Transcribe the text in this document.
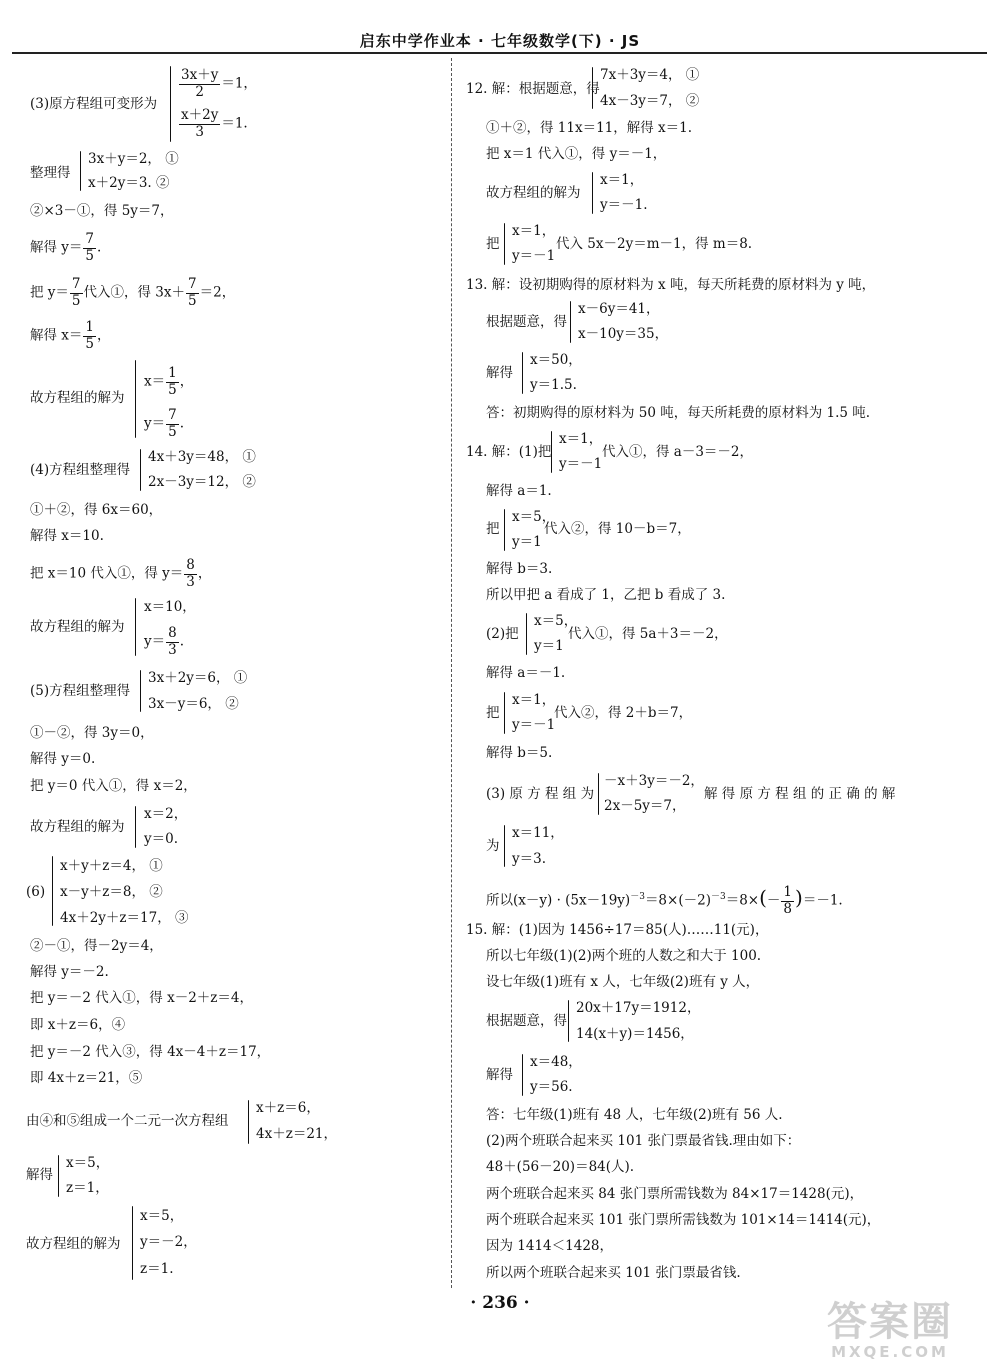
启东中学作业本 · 七年级数学(下) · JS
(3)原方程组可变形为
$\frac{3x+y}{2} =1$，
$\frac{x+2y}{3} =1$.
整理得
3x＋y＝2， ①
x＋2y＝3. ②
②×3－①，得 5y＝7，
解得 $y= \frac{7}{5}$ .
把 $y= \frac{7}{5}$ 代入①，得 $3x+ \frac{7}{5} =2$，
解得 $x= \frac{1}{5}$ ，
故方程组的解为
$x= \frac{1}{5}$ ，
$y= \frac{7}{5}$ .
(4)方程组整理得
4x＋3y＝48， ①
2x－3y＝12， ②
①＋②，得 6x＝60，
解得 x＝10.
把 x＝10 代入①，得 $y= \frac{8}{3}$ ，
故方程组的解为
x＝10，
$y= \frac{8}{3}$ .
(5)方程组整理得
3x＋2y＝6， ①
3x－y＝6， ②
①－②，得 3y＝0，
解得 y＝0.
把 y＝0 代入①，得 x＝2，
故方程组的解为
x＝2，
y＝0.
(6)
x＋y＋z＝4， ①
x－y＋z＝8， ②
4x＋2y＋z＝17， ③
②－①，得－2y＝4，
解得 y＝－2.
把 y＝－2 代入①，得 x－2＋z＝4，
即 x＋z＝6，④
把 y＝－2 代入③，得 4x－4＋z＝17，
即 4x＋z＝21，⑤
由④和⑤组成一个二元一次方程组
x＋z＝6，
4x＋z＝21，
解得
x＝5，
z＝1，
故方程组的解为
x＝5，
y＝－2，
z＝1.
12. 解：根据题意，得
7x＋3y＝4， ①
4x－3y＝7， ②
①＋②，得 11x＝11，解得 x＝1.
把 x＝1 代入①，得 y＝－1，
故方程组的解为
x＝1，
y＝－1.
把
x＝1，
y＝－1
代入 5x－2y＝m－1，得 m＝8.
13. 解：设初期购得的原材料为 x 吨，每天所耗费的原材料为 y 吨，
根据题意，得
x－6y＝41，
x－10y＝35，
解得
x＝50，
y＝1.5.
答：初期购得的原材料为 50 吨，每天所耗费的原材料为 1.5 吨.
14. 解：(1)把
x＝1，
y＝－1
代入①，得 a－3＝－2，
解得 a＝1.
把
x＝5，
y＝1
代入②，得 10－b＝7，
解得 b＝3.
所以甲把 a 看成了 1，乙把 b 看成了 3.
(2)把
x＝5，
y＝1
代入①，得 5a＋3＝－2，
解得 a＝－1.
把
x＝1，
y＝－1
代入②，得 2＋b＝7，
解得 b＝5.
(3) 原 方 程 组 为
－x＋3y＝－2，
2x－5y＝7，
解 得 原 方 程 组 的 正 确 的 解
为
x＝11，
y＝3.
所以$(x-y) \cdot (5x-19y)^{-3}=8\times(-2)^{-3}=8\times(- \frac{1}{8} )=-1$.
15. 解：(1)因为 1456÷17＝85(人)……11(元)，
所以七年级(1)(2)两个班的人数之和大于 100.
设七年级(1)班有 x 人，七年级(2)班有 y 人，
根据题意，得
20x＋17y＝1912，
14(x＋y)＝1456，
解得
x＝48，
y＝56.
答：七年级(1)班有 48 人，七年级(2)班有 56 人.
(2)两个班联合起来买 101 张门票最省钱.理由如下：
48＋(56－20)＝84(人).
两个班联合起来买 84 张门票所需钱数为 84×17＝1428(元)，
两个班联合起来买 101 张门票所需钱数为 101×14＝1414(元)，
因为 1414＜1428，
所以两个班联合起来买 101 张门票最省钱.
· 236 ·	答案圈
MXQE.COM
